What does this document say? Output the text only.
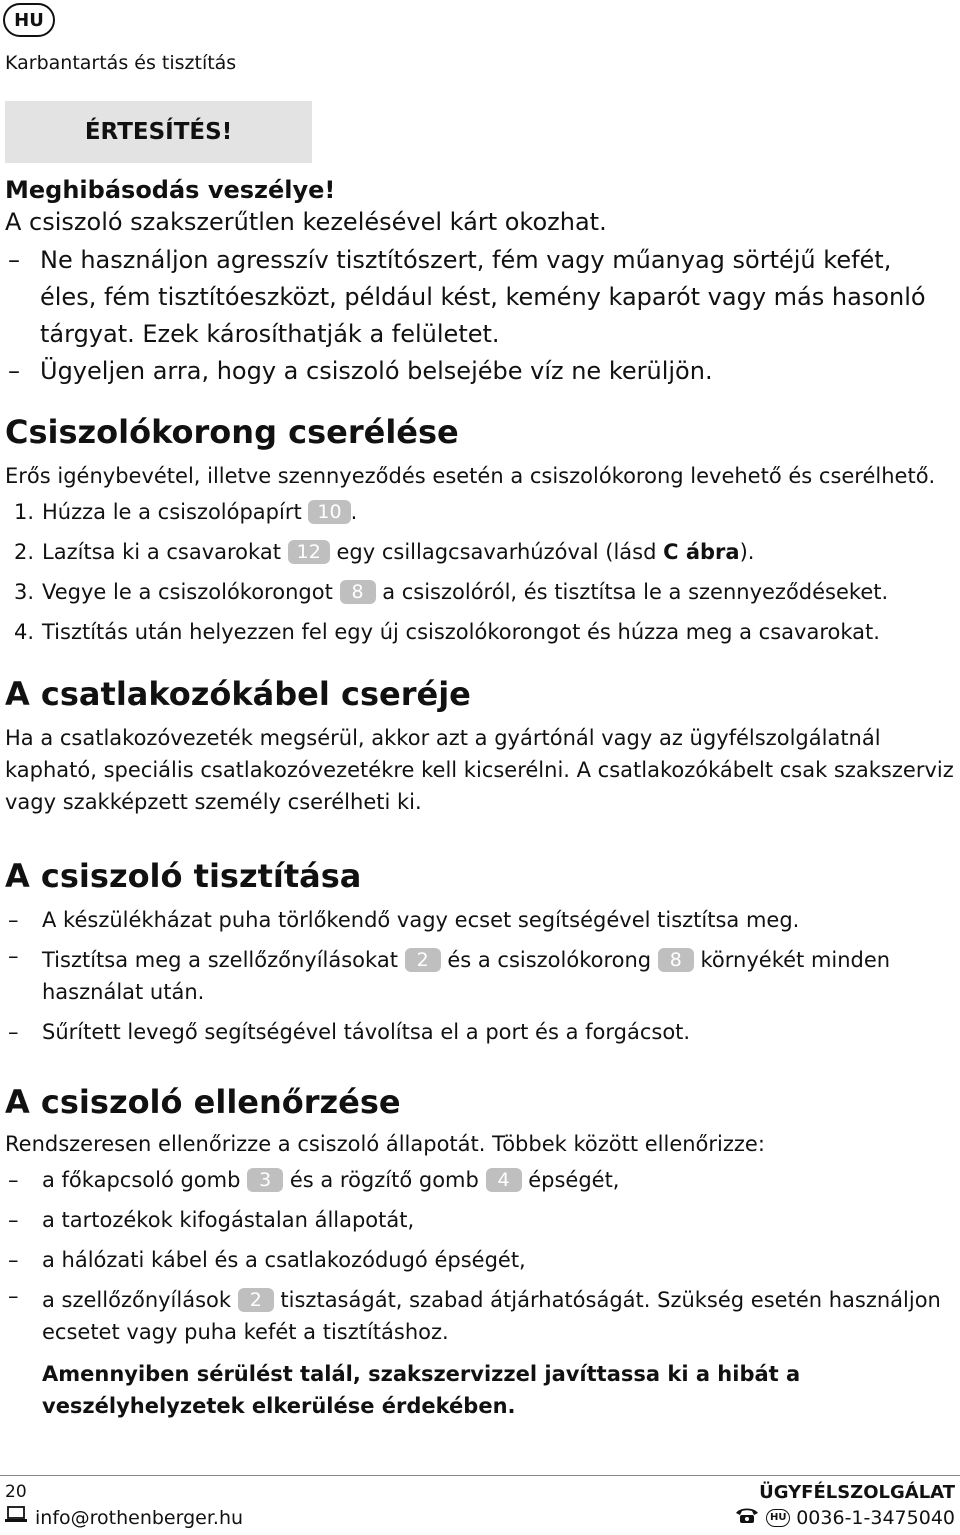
HU
Karbantartás és tisztítás
ÉRTESÍTÉS!

Meghibásodás veszélye!

A csiszoló szakszerűtlen kezelésével kárt okozhat.

– Ne használjon agresszív tisztítószert, fém vagy műanyag sörtéjű kefét, éles, fém tisztítóeszközt, például kést, kemény kaparót vagy más hasonló tárgyat. Ezek károsíthatják a felületet.

– Ügyeljen arra, hogy a csiszoló belsejébe víz ne kerüljön.

Csiszolókorong cserélése

Erős igénybevétel, illetve szennyeződés esetén a csiszolókorong levehető és cserélhető.

1. Húzza le a csiszolópapírt 10 .

2. Lazítsa ki a csavarokat 12 egy csillagcsavarhúzóval (lásd C ábra).

3. Vegye le a csiszolókorongot 8 a csiszolóról, és tisztítsa le a szennyeződéseket.

4. Tisztítás után helyezzen fel egy új csiszolókorongot és húzza meg a csavarokat.

A csatlakozókábel cseréje

Ha a csatlakozóvezeték megsérül, akkor azt a gyártónál vagy az ügyfélszolgálatnál kapható, speciális csatlakozóvezetékre kell kicserélni. A csatlakozókábelt csak szakszerviz vagy szakképzett személy cserélheti ki.

A csiszoló tisztítása

– A készülékházat puha törlőkendő vagy ecset segítségével tisztítsa meg.

– Tisztítsa meg a szellőzőnyílásokat 2 és a csiszolókorong 8 környékét minden használat után.

– Sűrített levegő segítségével távolítsa el a port és a forgácsot.

A csiszoló ellenőrzése

Rendszeresen ellenőrizze a csiszoló állapotát. Többek között ellenőrizze:

– a főkapcsoló gomb 3 és a rögzítő gomb 4 épségét,

– a tartozékok kifogástalan állapotát,

– a hálózati kábel és a csatlakozódugó épségét,

– a szellőzőnyílások 2 tisztaságát, szabad átjárhatóságát. Szükség esetén használjon ecsetet vagy puha kefét a tisztításhoz.

Amennyiben sérülést talál, szakszervizzel javíttassa ki a hibát a veszélyhelyzetek elkerülése érdekében.

20
info@rothenberger.hu
ÜGYFÉLSZOLGÁLAT
HU 0036-1-3475040
